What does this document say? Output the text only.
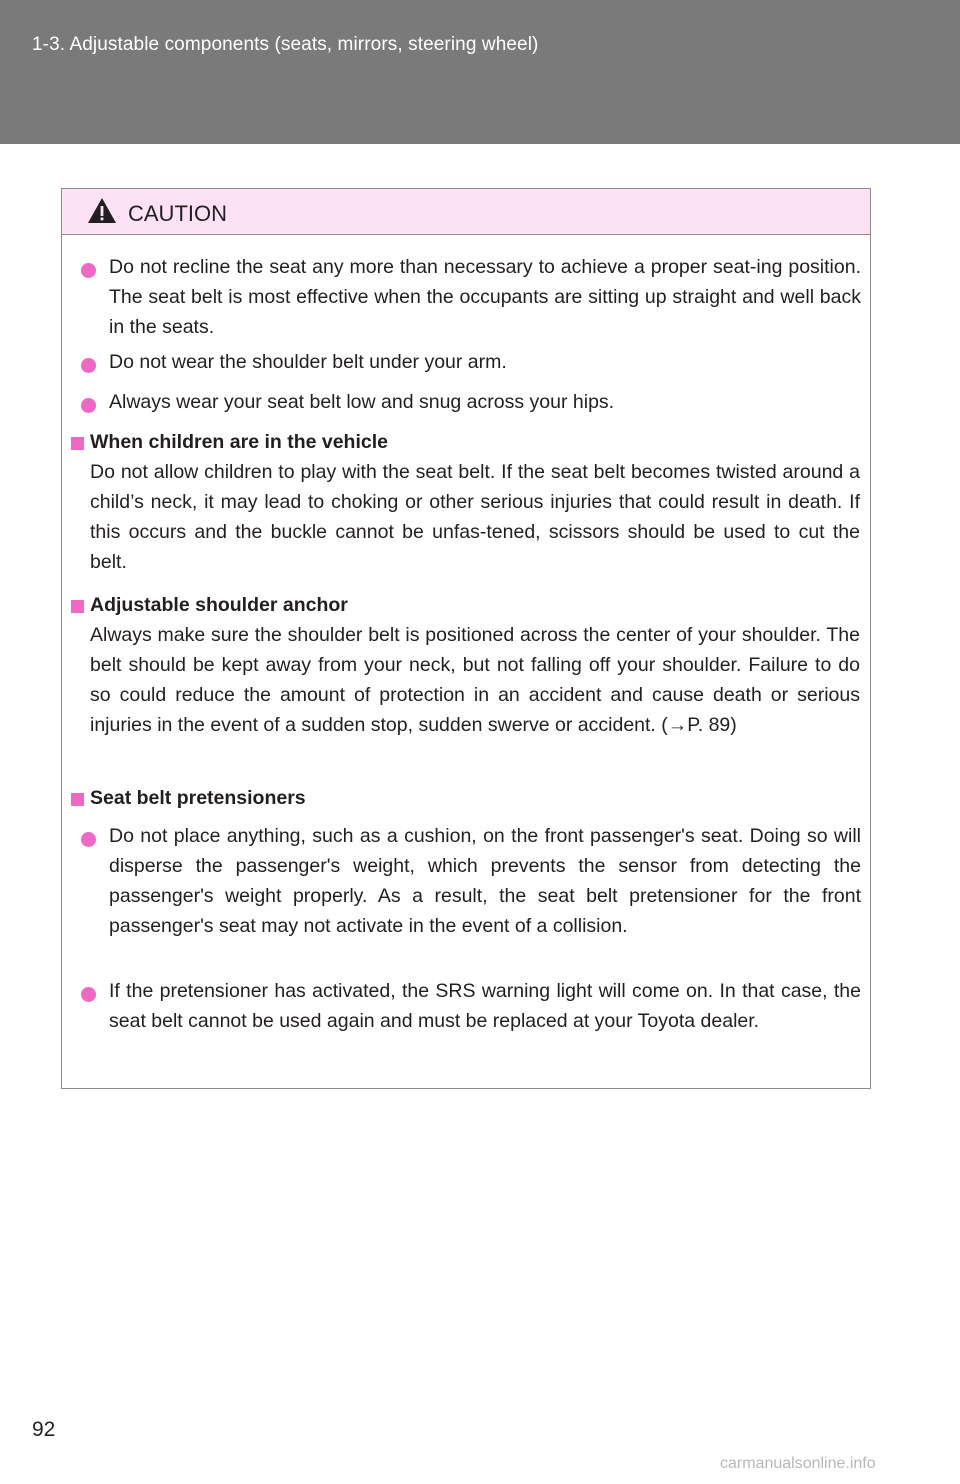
1-3. Adjustable components (seats, mirrors, steering wheel)
CAUTION
Do not recline the seat any more than necessary to achieve a proper seat-ing position. The seat belt is most effective when the occupants are sitting up straight and well back in the seats.
Do not wear the shoulder belt under your arm.
Always wear your seat belt low and snug across your hips.
When children are in the vehicle
Do not allow children to play with the seat belt. If the seat belt becomes twisted around a child’s neck, it may lead to choking or other serious injuries that could result in death. If this occurs and the buckle cannot be unfas-tened, scissors should be used to cut the belt.
Adjustable shoulder anchor
Always make sure the shoulder belt is positioned across the center of your shoulder. The belt should be kept away from your neck, but not falling off your shoulder. Failure to do so could reduce the amount of protection in an accident and cause death or serious injuries in the event of a sudden stop, sudden swerve or accident. (→P. 89)
Seat belt pretensioners
Do not place anything, such as a cushion, on the front passenger's seat. Doing so will disperse the passenger's weight, which prevents the sensor from detecting the passenger's weight properly. As a result, the seat belt pretensioner for the front passenger's seat may not activate in the event of a collision.
If the pretensioner has activated, the SRS warning light will come on. In that case, the seat belt cannot be used again and must be replaced at your Toyota dealer.
92
carmanualsonline.info
